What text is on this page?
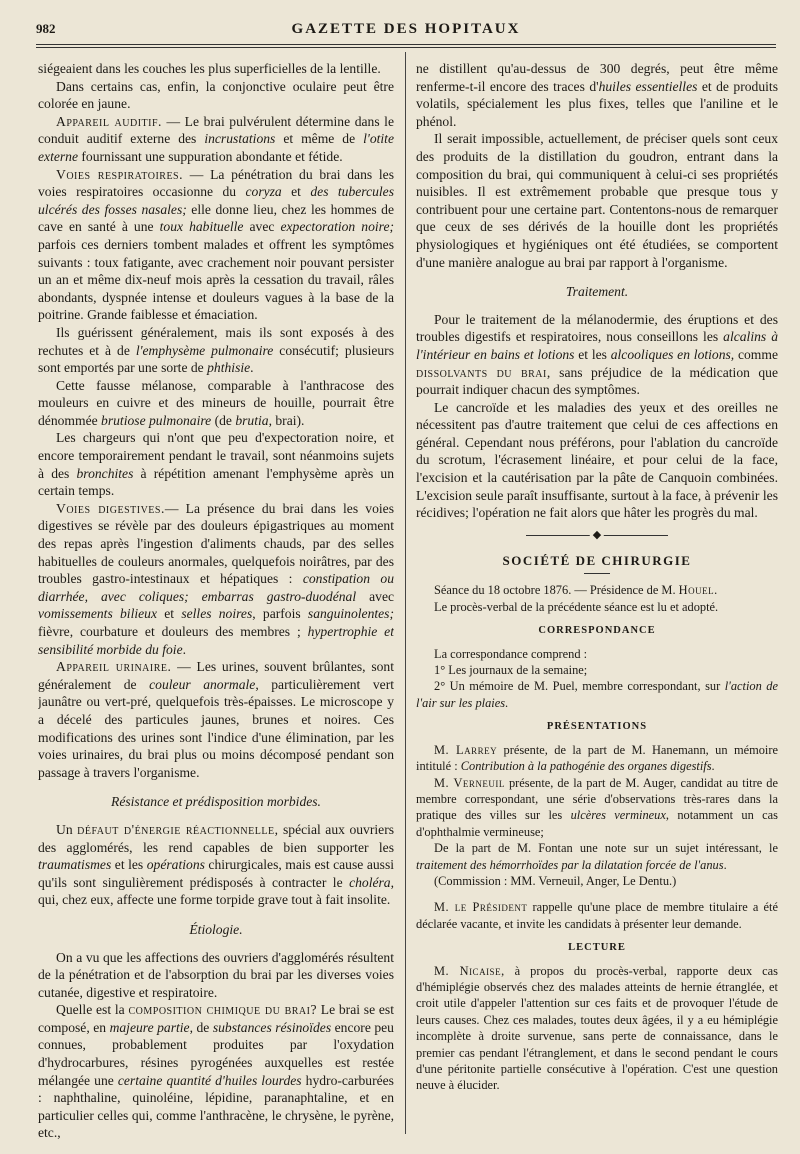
982	GAZETTE DES HOPITAUX

siégeaient dans les couches les plus superficielles de la lentille.

Dans certains cas, enfin, la conjonctive oculaire peut être colorée en jaune.

Appareil auditif. — Le brai pulvérulent détermine dans le conduit auditif externe des incrustations et même de l'otite externe fournissant une suppuration abondante et fétide.

Voies respiratoires. — La pénétration du brai dans les voies respiratoires occasionne du coryza et des tubercules ulcérés des fosses nasales; elle donne lieu, chez les hommes de cave en santé à une toux habituelle avec expectoration noire; parfois ces derniers tombent malades et offrent les symptômes suivants : toux fatigante, avec crachement noir pouvant persister un an et même dix-neuf mois après la cessation du travail, râles abondants, dyspnée intense et douleurs vagues à la base de la poitrine. Grande faiblesse et émaciation.

Ils guérissent généralement, mais ils sont exposés à des rechutes et à de l'emphysème pulmonaire consécutif; plusieurs sont emportés par une sorte de phthisie.

Cette fausse mélanose, comparable à l'anthracose des mouleurs en cuivre et des mineurs de houille, pourrait être dénommée brutiose pulmonaire (de brutia, brai).

Les chargeurs qui n'ont que peu d'expectoration noire, et encore temporairement pendant le travail, sont néanmoins sujets à des bronchites à répétition amenant l'emphysème après un certain temps.

Voies digestives.— La présence du brai dans les voies digestives se révèle par des douleurs épigastriques au moment des repas après l'ingestion d'aliments chauds, par des selles habituelles de couleurs anormales, quelquefois noirâtres, par des troubles gastro-intestinaux et hépatiques : constipation ou diarrhée, avec coliques; embarras gastro-duodénal avec vomissements bilieux et selles noires, parfois sanguinolentes; fièvre, courbature et douleurs des membres ; hypertrophie et sensibilité morbide du foie.

Appareil urinaire. — Les urines, souvent brûlantes, sont généralement de couleur anormale, particulièrement vert jaunâtre ou vert-pré, quelquefois très-épaisses. Le microscope y a décelé des particules jaunes, brunes et noires. Ces modifications des urines sont l'indice d'une élimination, par les voies urinaires, du brai plus ou moins décomposé pendant son passage à travers l'organisme.

Résistance et prédisposition morbides.

Un défaut d'énergie réactionnelle, spécial aux ouvriers des agglomérés, les rend capables de bien supporter les traumatismes et les opérations chirurgicales, mais est cause aussi qu'ils sont singulièrement prédisposés à contracter le choléra, qui, chez eux, affecte une forme torpide grave tout à fait insolite.

Étiologie.

On a vu que les affections des ouvriers d'agglomérés résultent de la pénétration et de l'absorption du brai par les diverses voies cutanée, digestive et respiratoire.

Quelle est la composition chimique du brai? Le brai se est composé, en majeure partie, de substances résinoïdes encore peu connues, probablement produites par l'oxydation d'hydrocarbures, résines pyrogénées auxquelles est restée mélangée une certaine quantité d'huiles lourdes hydro-carburées : naphthaline, quinoléine, lépidine, paranaphtaline, et en particulier celles qui, comme l'anthracène, le chrysène, le pyrène, etc.,

ne distillent qu'au-dessus de 300 degrés, peut être même renferme-t-il encore des traces d'huiles essentielles et de produits volatils, spécialement les plus fixes, telles que l'aniline et le phénol.

Il serait impossible, actuellement, de préciser quels sont ceux des produits de la distillation du goudron, entrant dans la composition du brai, qui communiquent à celui-ci ses propriétés nuisibles. Il est extrêmement probable que presque tous y contribuent pour une certaine part. Contentons-nous de remarquer que ceux de ses dérivés de la houille dont les propriétés physiologiques et hygiéniques ont été étudiées, se comportent d'une manière analogue au brai par rapport à l'organisme.

Traitement.

Pour le traitement de la mélanodermie, des éruptions et des troubles digestifs et respiratoires, nous conseillons les alcalins à l'intérieur en bains et lotions et les alcooliques en lotions, comme dissolvants du brai, sans préjudice de la médication que pourrait indiquer chacun des symptômes.

Le cancroïde et les maladies des yeux et des oreilles ne nécessitent pas d'autre traitement que celui de ces affections en général. Cependant nous préférons, pour l'ablation du cancroïde du scrotum, l'écrasement linéaire, et pour celui de la face, l'excision et la cautérisation par la pâte de Canquoin combinées. L'excision seule paraît insuffisante, surtout à la face, à prévenir les récidives; l'opération ne fait alors que hâter les progrès du mal.

◆

SOCIÉTÉ DE CHIRURGIE

Séance du 18 octobre 1876. — Présidence de M. Houel.

Le procès-verbal de la précédente séance est lu et adopté.

CORRESPONDANCE

La correspondance comprend :

1° Les journaux de la semaine;

2° Un mémoire de M. Puel, membre correspondant, sur l'action de l'air sur les plaies.

PRÉSENTATIONS

M. Larrey présente, de la part de M. Hanemann, un mémoire intitulé : Contribution à la pathogénie des organes digestifs.

M. Verneuil présente, de la part de M. Auger, candidat au titre de membre correspondant, une série d'observations très-rares dans la pratique des villes sur les ulcères vermineux, notamment un cas d'ophthalmie vermineuse;

De la part de M. Fontan une note sur un sujet intéressant, le traitement des hémorrhoïdes par la dilatation forcée de l'anus.

(Commission : MM. Verneuil, Anger, Le Dentu.)

M. le Président rappelle qu'une place de membre titulaire a été déclarée vacante, et invite les candidats à présenter leur demande.

LECTURE

M. Nicaise, à propos du procès-verbal, rapporte deux cas d'hémiplégie observés chez des malades atteints de hernie étranglée, et croit utile d'appeler l'attention sur ces faits et de provoquer l'étude de leurs causes. Chez ces malades, toutes deux âgées, il y a eu hémiplégie incomplète à droite survenue, sans perte de connaissance, dans le premier cas pendant l'étranglement, et dans le second pendant le cours d'une péritonite partielle consécutive à l'opération. C'est une question neuve à élucider.
